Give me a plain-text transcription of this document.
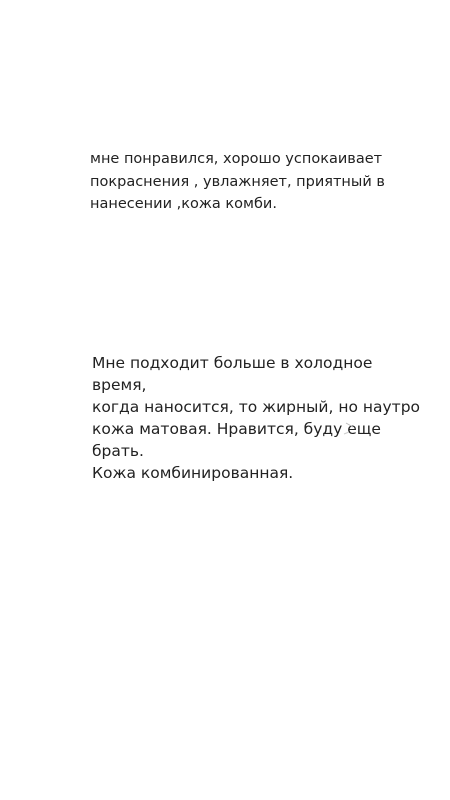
мне понравился, хорошо успокаивает
покраснения , увлажняет, приятный в
нанесении ,кожа комби.
Мне подходит больше в холодное время,
когда наносится, то жирный, но наутро
кожа матовая. Нравится, буду еще брать.
Кожа комбинированная.
